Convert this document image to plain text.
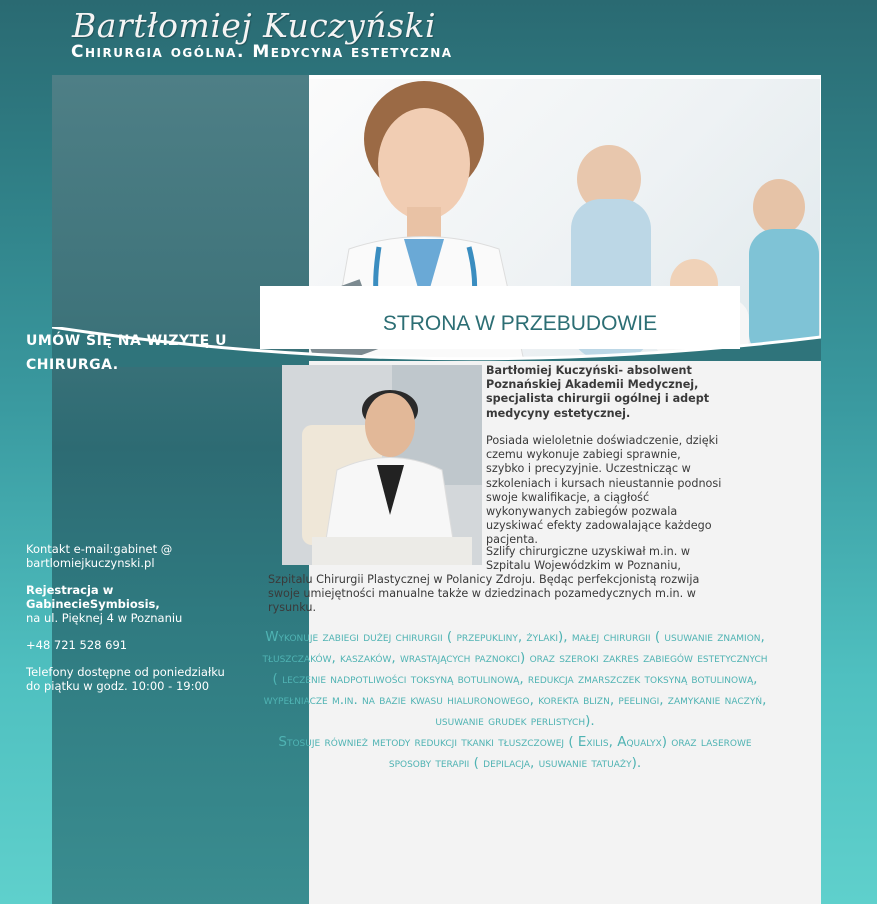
Bartłomiej Kuczyński
Chirurgia ogólna. Medycyna estetyczna
STRONA W PRZEBUDOWIE
UMÓW SIĘ NA WIZYTĘ U CHIRURGA.

Kontakt e-mail:gabinet @
bartlomiejkuczynski.pl

Rejestracja w GabinecieSymbiosis,
na ul. Pięknej 4 w Poznaniu

+48 721 528 691

Telefony dostępne od poniedziałku do piątku w godz. 10:00 - 19:00

Bartłomiej Kuczyński- absolwent Poznańskiej Akademii Medycznej, specjalista chirurgii ogólnej i adept medycyny estetycznej.
Posiada wieloletnie doświadczenie, dzięki czemu wykonuje zabiegi sprawnie, szybko i precyzyjnie. Uczestnicząc w szkoleniach i kursach nieustannie podnosi swoje kwalifikacje, a ciągłość wykonywanych zabiegów pozwala uzyskiwać efekty zadowalające każdego pacjenta.
Szlify chirurgiczne uzyskiwał m.in. w Szpitalu Wojewódzkim w Poznaniu,
Szpitalu Chirurgii Plastycznej w Polanicy Zdroju. Będąc perfekcjonistą rozwija swoje umiejętności manualne także w dziedzinach pozamedycznych m.in. w rysunku.

Wykonuje zabiegi dużej chirurgii ( przepukliny, żylaki), małej chirurgii ( usuwanie znamion, tłuszczaków, kaszaków, wrastających paznokci) oraz szeroki zakres zabiegów estetycznych ( leczenie nadpotliwości toksyną botulinową, redukcja zmarszczek toksyną botulinową, wypełniacze m.in. na bazie kwasu hialuronowego, korekta blizn, peelingi, zamykanie naczyń, usuwanie grudek perlistych).

Stosuje również metody redukcji tkanki tłuszczowej ( Exilis, Aqualyx) oraz laserowe sposoby terapii ( depilacja, usuwanie tatuaży).
